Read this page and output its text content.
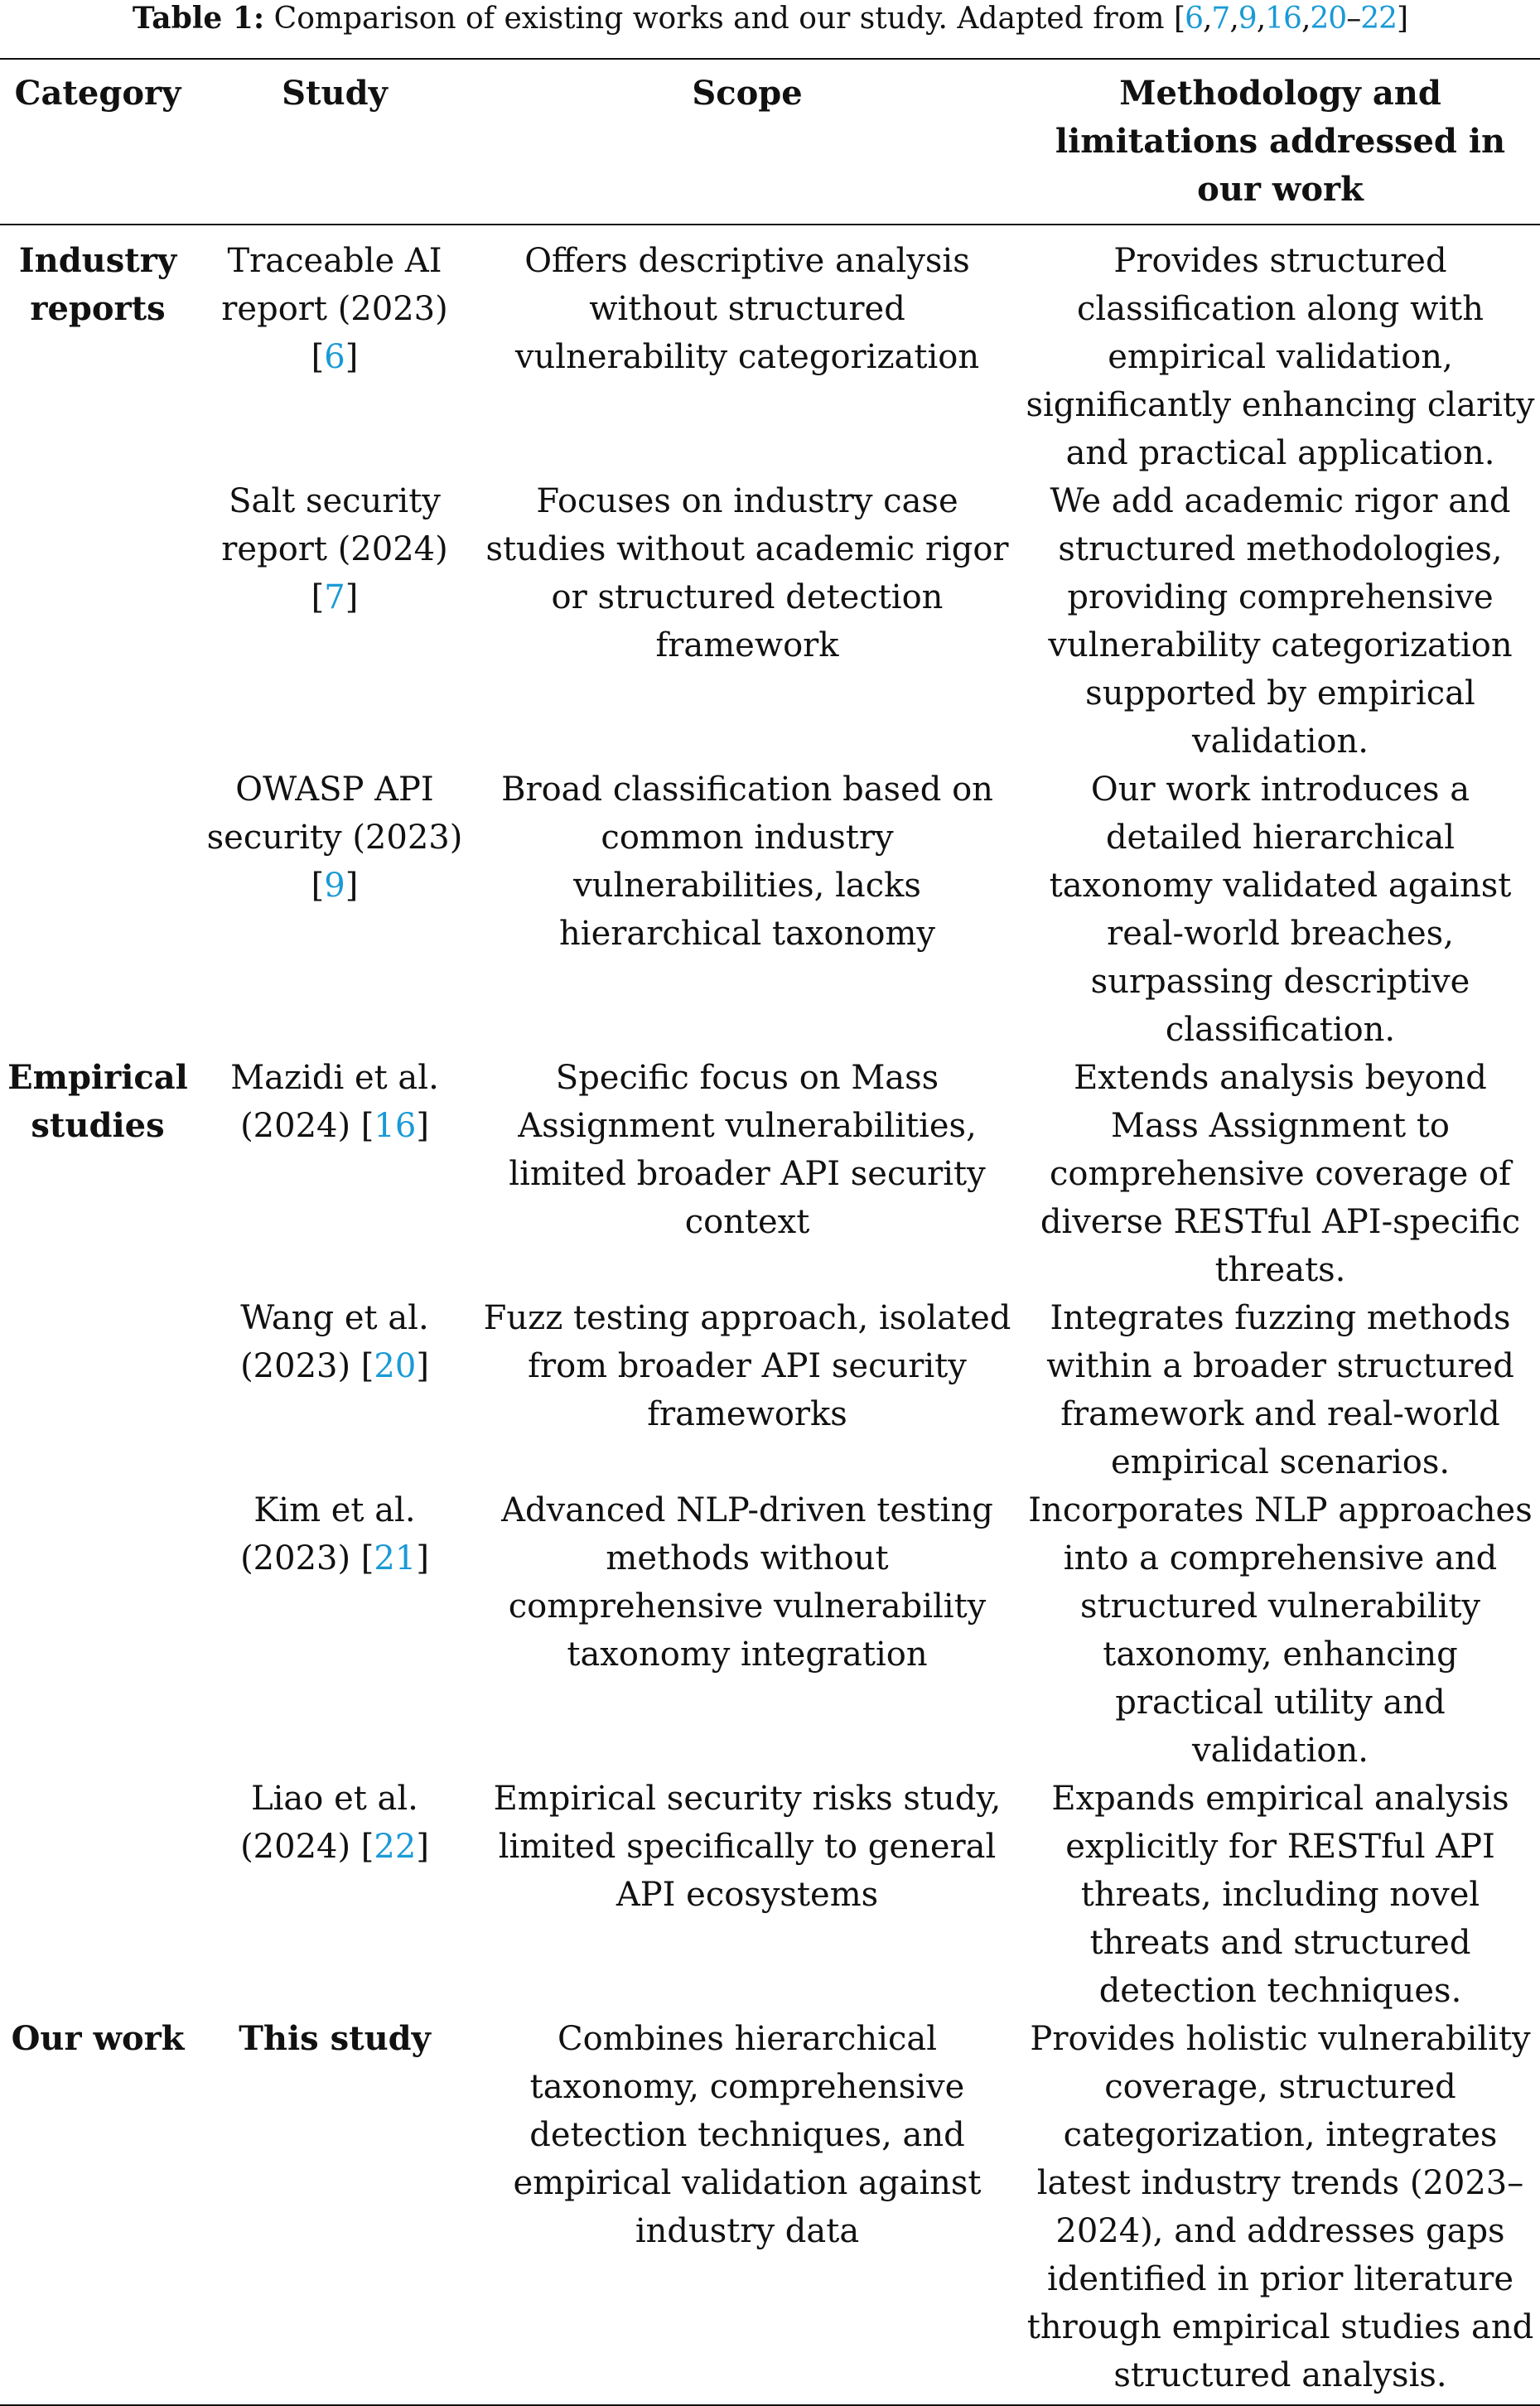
Table 1: Comparison of existing works and our study. Adapted from [6,7,9,16,20–22]
Category	Study	Scope	Methodology and limitations addressed in our work
Industry reports	Traceable AI report (2023) [6]	Offers descriptive analysis without structured vulnerability categorization	Provides structured classification along with empirical validation, significantly enhancing clarity and practical application.
	Salt security report (2024) [7]	Focuses on industry case studies without academic rigor or structured detection framework	We add academic rigor and structured methodologies, providing comprehensive vulnerability categorization supported by empirical validation.
	OWASP API security (2023) [9]	Broad classification based on common industry vulnerabilities, lacks hierarchical taxonomy	Our work introduces a detailed hierarchical taxonomy validated against real-world breaches, surpassing descriptive classification.
Empirical studies	Mazidi et al. (2024) [16]	Specific focus on Mass Assignment vulnerabilities, limited broader API security context	Extends analysis beyond Mass Assignment to comprehensive coverage of diverse RESTful API-specific threats.
	Wang et al. (2023) [20]	Fuzz testing approach, isolated from broader API security frameworks	Integrates fuzzing methods within a broader structured framework and real-world empirical scenarios.
	Kim et al. (2023) [21]	Advanced NLP-driven testing methods without comprehensive vulnerability taxonomy integration	Incorporates NLP approaches into a comprehensive and structured vulnerability taxonomy, enhancing practical utility and validation.
	Liao et al. (2024) [22]	Empirical security risks study, limited specifically to general API ecosystems	Expands empirical analysis explicitly for RESTful API threats, including novel threats and structured detection techniques.
Our work	This study	Combines hierarchical taxonomy, comprehensive detection techniques, and empirical validation against industry data	Provides holistic vulnerability coverage, structured categorization, integrates latest industry trends (2023–2024), and addresses gaps identified in prior literature through empirical studies and structured analysis.
